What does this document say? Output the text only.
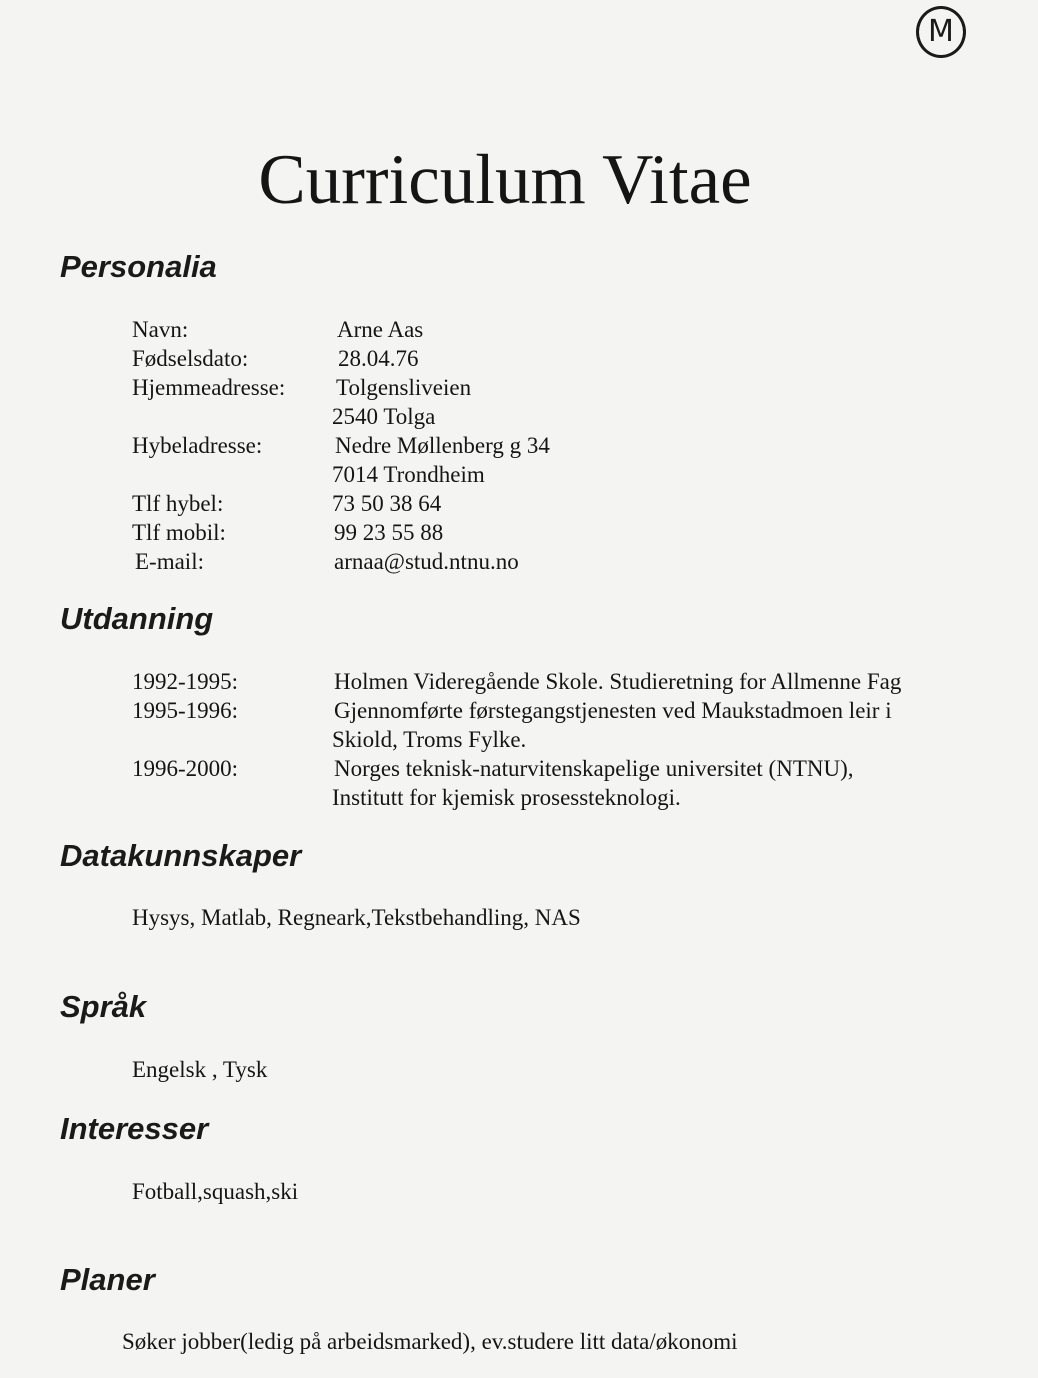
M
Curriculum Vitae
Personalia
Navn:	Arne Aas
Fødselsdato:	28.04.76
Hjemmeadresse: Tolgensliveien
2540 Tolga
Hybeladresse:	Nedre Møllenberg g 34
7014 Trondheim
Tlf hybel:	73 50 38 64
Tlf mobil:	99 23 55 88
E-mail:	arnaa@stud.ntnu.no
Utdanning
1992-1995:	Holmen Videregående Skole. Studieretning for Allmenne Fag
1995-1996:	Gjennomførte førstegangstjenesten ved Maukstadmoen leir i
Skiold, Troms Fylke.
1996-2000:	Norges teknisk-naturvitenskapelige universitet (NTNU),
Institutt for kjemisk prosessteknologi.
Datakunnskaper
Hysys, Matlab, Regneark,Tekstbehandling, NAS
Språk
Engelsk , Tysk
Interesser
Fotball,squash,ski
Planer
Søker jobber(ledig på arbeidsmarked), ev.studere litt data/økonomi
